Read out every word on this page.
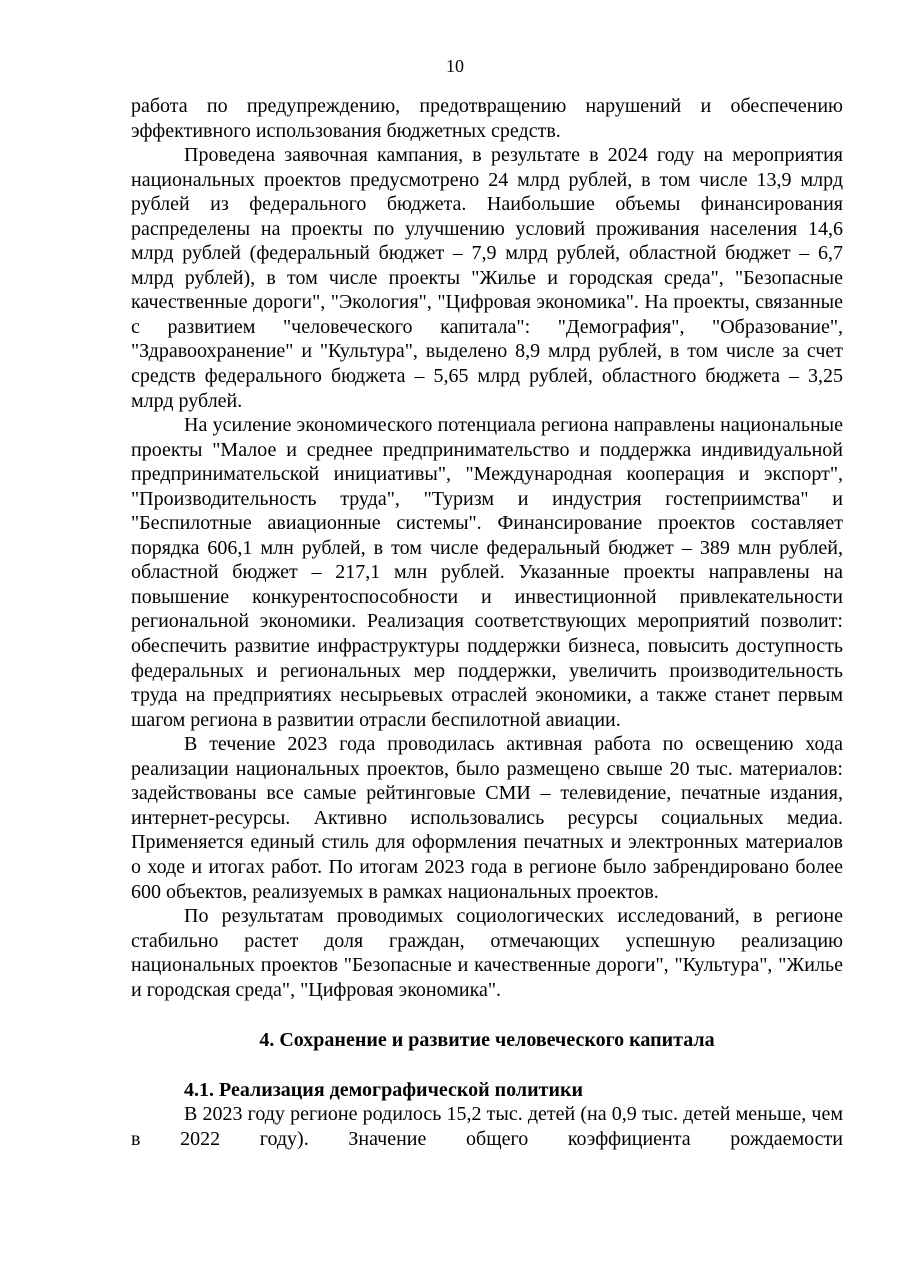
10

работа по предупреждению, предотвращению нарушений и обеспечению эффективного использования бюджетных средств.

Проведена заявочная кампания, в результате в 2024 году на мероприятия национальных проектов предусмотрено 24 млрд рублей, в том числе 13,9 млрд рублей из федерального бюджета. Наибольшие объемы финансирования распределены на проекты по улучшению условий проживания населения 14,6 млрд рублей (федеральный бюджет – 7,9 млрд рублей, областной бюджет – 6,7 млрд рублей), в том числе проекты "Жилье и городская среда", "Безопасные качественные дороги", "Экология", "Цифровая экономика". На проекты, связанные с развитием "человеческого капитала": "Демография", "Образование", "Здравоохранение" и "Культура", выделено 8,9 млрд рублей, в том числе за счет средств федерального бюджета – 5,65 млрд рублей, областного бюджета – 3,25 млрд рублей.

На усиление экономического потенциала региона направлены национальные проекты "Малое и среднее предпринимательство и поддержка индивидуальной предпринимательской инициативы", "Международная кооперация и экспорт", "Производительность труда", "Туризм и индустрия гостеприимства" и "Беспилотные авиационные системы". Финансирование проектов составляет порядка 606,1 млн рублей, в том числе федеральный бюджет – 389 млн рублей, областной бюджет – 217,1 млн рублей. Указанные проекты направлены на повышение конкурентоспособности и инвестиционной привлекательности региональной экономики. Реализация соответствующих мероприятий позволит: обеспечить развитие инфраструктуры поддержки бизнеса, повысить доступность федеральных и региональных мер поддержки, увеличить производительность труда на предприятиях несырьевых отраслей экономики, а также станет первым шагом региона в развитии отрасли беспилотной авиации.

В течение 2023 года проводилась активная работа по освещению хода реализации национальных проектов, было размещено свыше 20 тыс. материалов: задействованы все самые рейтинговые СМИ – телевидение, печатные издания, интернет-ресурсы. Активно использовались ресурсы социальных медиа. Применяется единый стиль для оформления печатных и электронных материалов о ходе и итогах работ. По итогам 2023 года в регионе было забрендировано более 600 объектов, реализуемых в рамках национальных проектов.

По результатам проводимых социологических исследований, в регионе стабильно растет доля граждан, отмечающих успешную реализацию национальных проектов "Безопасные и качественные дороги", "Культура", "Жилье и городская среда", "Цифровая экономика".

4. Сохранение и развитие человеческого капитала
4.1. Реализация демографической политики

В 2023 году регионе родилось 15,2 тыс. детей (на 0,9 тыс. детей меньше, чем в 2022 году). Значение общего коэффициента рождаемости
